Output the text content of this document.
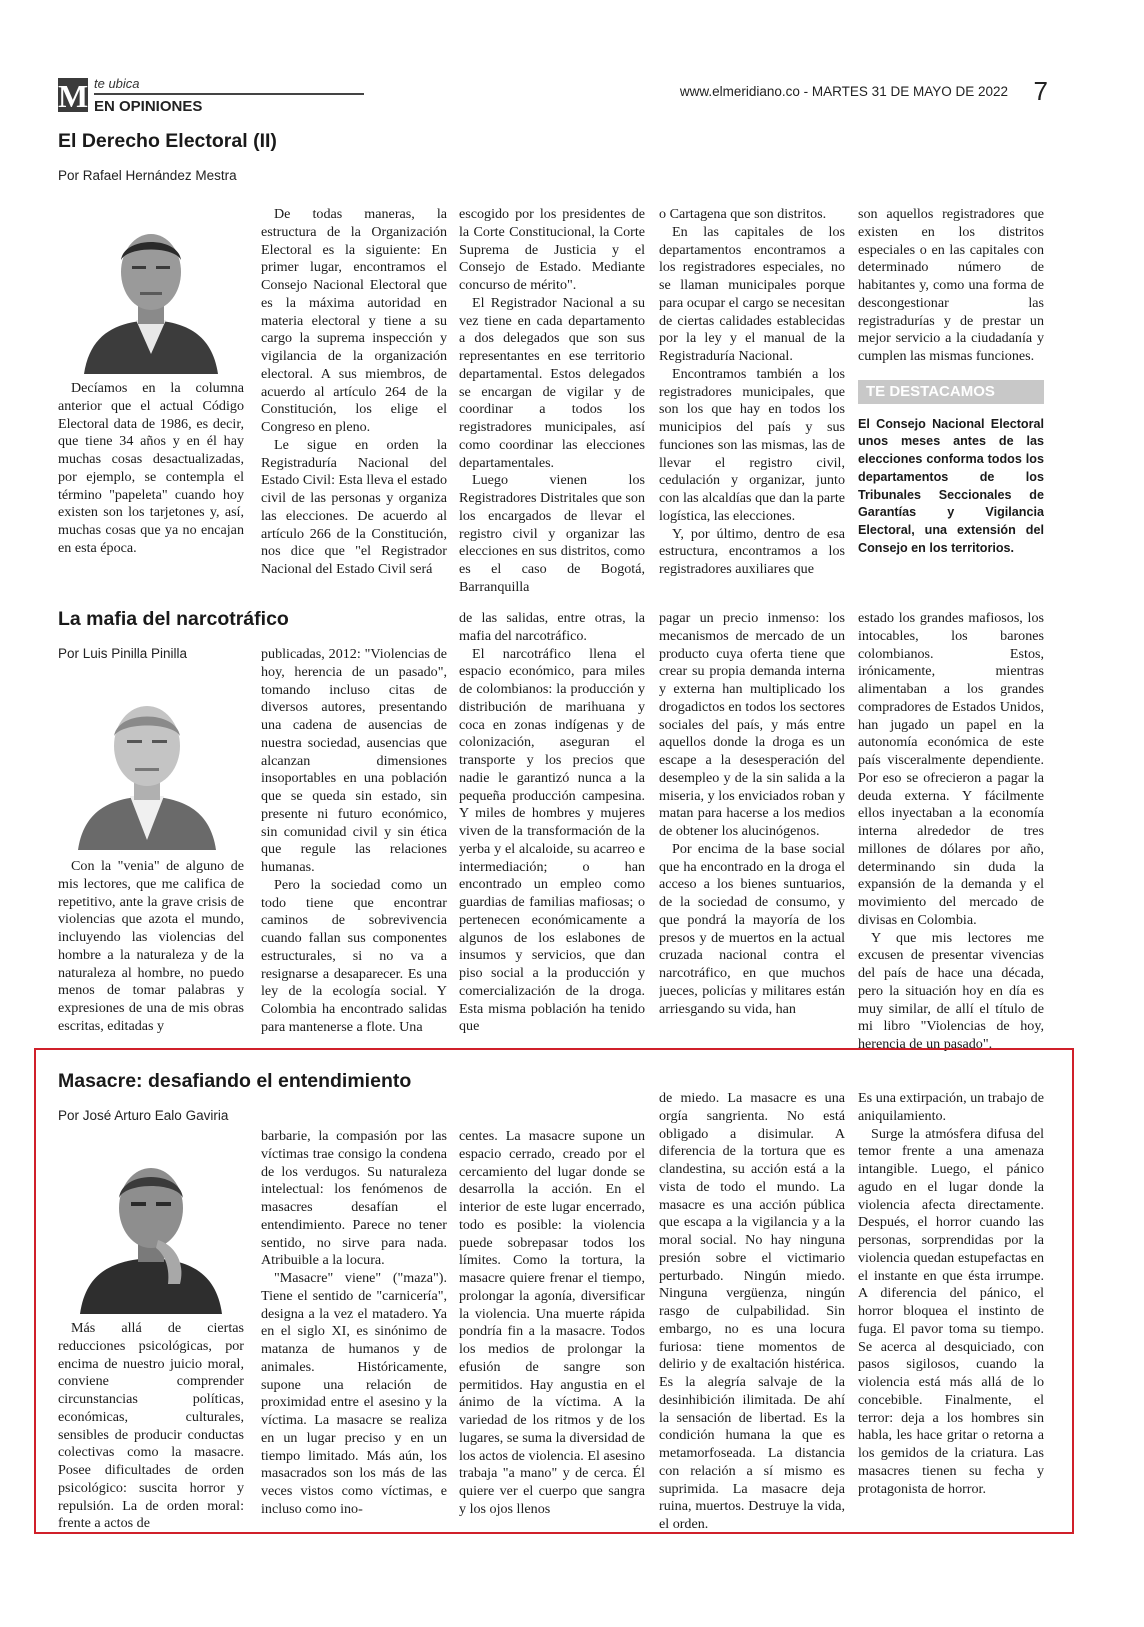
M te ubica
EN OPINIONES
www.elmeridiano.co - MARTES 31 DE MAYO DE 2022 7
El Derecho Electoral (II)
Por Rafael Hernández Mestra

Decíamos en la columna anterior que el actual Código Electoral data de 1986, es decir, que tiene 34 años y en él hay muchas cosas desactualizadas, por ejemplo, se contempla el término "papeleta" cuando hoy existen son los tarjetones y, así, muchas cosas que ya no encajan en esta época.

De todas maneras, la estructura de la Organización Electoral es la siguiente: En primer lugar, encontramos el Consejo Nacional Electoral que es la máxima autoridad en materia electoral y tiene a su cargo la suprema inspección y vigilancia de la organización electoral. A sus miembros, de acuerdo al artículo 264 de la Constitución, los elige el Congreso en pleno.

Le sigue en orden la Registraduría Nacional del Estado Civil: Esta lleva el estado civil de las personas y organiza las elecciones. De acuerdo al artículo 266 de la Constitución, nos dice que "el Registrador Nacional del Estado Civil será

escogido por los presidentes de la Corte Constitucional, la Corte Suprema de Justicia y el Consejo de Estado. Mediante concurso de mérito".

El Registrador Nacional a su vez tiene en cada departamento a dos delegados que son sus representantes en ese territorio departamental. Estos delegados se encargan de vigilar y de coordinar a todos los registradores municipales, así como coordinar las elecciones departamentales.

Luego vienen los Registradores Distritales que son los encargados de llevar el registro civil y organizar las elecciones en sus distritos, como es el caso de Bogotá, Barranquilla

o Cartagena que son distritos.

En las capitales de los departamentos encontramos a los registradores especiales, no se llaman municipales porque para ocupar el cargo se necesitan de ciertas calidades establecidas por la ley y el manual de la Registraduría Nacional.

Encontramos también a los registradores municipales, que son los que hay en todos los municipios del país y sus funciones son las mismas, las de llevar el registro civil, cedulación y organizar, junto con las alcaldías que dan la parte logística, las elecciones.

Y, por último, dentro de esa estructura, encontramos a los registradores auxiliares que

son aquellos registradores que existen en los distritos especiales o en las capitales con determinado número de habitantes y, como una forma de descongestionar las registradurías y de prestar un mejor servicio a la ciudadanía y cumplen las mismas funciones.

TE DESTACAMOS
El Consejo Nacional Electoral unos meses antes de las elecciones conforma todos los departamentos de los Tribunales Seccionales de Garantías y Vigilancia Electoral, una extensión del Consejo en los territorios.
La mafia del narcotráfico
Por Luis Pinilla Pinilla

Con la "venia" de alguno de mis lectores, que me califica de repetitivo, ante la grave crisis de violencias que azota el mundo, incluyendo las violencias del hombre a la naturaleza y de la naturaleza al hombre, no puedo menos de tomar palabras y expresiones de una de mis obras escritas, editadas y

publicadas, 2012: "Violencias de hoy, herencia de un pasado", tomando incluso citas de diversos autores, presentando una cadena de ausencias de nuestra sociedad, ausencias que alcanzan dimensiones insoportables en una población que se queda sin estado, sin presente ni futuro económico, sin comunidad civil y sin ética que regule las relaciones humanas.

Pero la sociedad como un todo tiene que encontrar caminos de sobrevivencia cuando fallan sus componentes estructurales, si no va a resignarse a desaparecer. Es una ley de la ecología social. Y Colombia ha encontrado salidas para mantenerse a flote. Una

de las salidas, entre otras, la mafia del narcotráfico.

El narcotráfico llena el espacio económico, para miles de colombianos: la producción y distribución de marihuana y coca en zonas indígenas y de colonización, aseguran el transporte y los precios que nadie le garantizó nunca a la pequeña producción campesina. Y miles de hombres y mujeres viven de la transformación de la yerba y el alcaloide, su acarreo e intermediación; o han encontrado un empleo como guardias de familias mafiosas; o pertenecen económicamente a algunos de los eslabones de insumos y servicios, que dan piso social a la producción y comercialización de la droga. Esta misma población ha tenido que

pagar un precio inmenso: los mecanismos de mercado de un producto cuya oferta tiene que crear su propia demanda interna y externa han multiplicado los drogadictos en todos los sectores sociales del país, y más entre aquellos donde la droga es un escape a la desesperación del desempleo y de la sin salida a la miseria, y los enviciados roban y matan para hacerse a los medios de obtener los alucinógenos.

Por encima de la base social que ha encontrado en la droga el acceso a los bienes suntuarios, de la sociedad de consumo, y que pondrá la mayoría de los presos y de muertos en la actual cruzada nacional contra el narcotráfico, en que muchos jueces, policías y militares están arriesgando su vida, han

estado los grandes mafiosos, los intocables, los barones colombianos. Estos, irónicamente, mientras alimentaban a los grandes compradores de Estados Unidos, han jugado un papel en la autonomía económica de este país visceralmente dependiente. Por eso se ofrecieron a pagar la deuda externa. Y fácilmente ellos inyectaban a la economía interna alrededor de tres millones de dólares por año, determinando sin duda la expansión de la demanda y el movimiento del mercado de divisas en Colombia.

Y que mis lectores me excusen de presentar vivencias del país de hace una década, pero la situación hoy en día es muy similar, de allí el título de mi libro "Violencias de hoy, herencia de un pasado".

Masacre: desafiando el entendimiento
Por José Arturo Ealo Gaviria

Más allá de ciertas reducciones psicológicas, por encima de nuestro juicio moral, conviene comprender circunstancias políticas, económicas, culturales, sensibles de producir conductas colectivas como la masacre. Posee dificultades de orden psicológico: suscita horror y repulsión. La de orden moral: frente a actos de

barbarie, la compasión por las víctimas trae consigo la condena de los verdugos. Su naturaleza intelectual: los fenómenos de masacres desafían el entendimiento. Parece no tener sentido, no sirve para nada. Atribuible a la locura.

"Masacre" viene" ("maza"). Tiene el sentido de "carnicería", designa a la vez el matadero. Ya en el siglo XI, es sinónimo de matanza de humanos y de animales. Históricamente, supone una relación de proximidad entre el asesino y la víctima. La masacre se realiza en un lugar preciso y en un tiempo limitado. Más aún, los masacrados son los más de las veces vistos como víctimas, e incluso como ino-

centes. La masacre supone un espacio cerrado, creado por el cercamiento del lugar donde se desarrolla la acción. En el interior de este lugar encerrado, todo es posible: la violencia puede sobrepasar todos los límites. Como la tortura, la masacre quiere frenar el tiempo, prolongar la agonía, diversificar la violencia. Una muerte rápida pondría fin a la masacre. Todos los medios de prolongar la efusión de sangre son permitidos. Hay angustia en el ánimo de la víctima. A la variedad de los ritmos y de los lugares, se suma la diversidad de los actos de violencia. El asesino trabaja "a mano" y de cerca. Él quiere ver el cuerpo que sangra y los ojos llenos

de miedo. La masacre es una orgía sangrienta. No está obligado a disimular. A diferencia de la tortura que es clandestina, su acción está a la vista de todo el mundo. La masacre es una acción pública que escapa a la vigilancia y a la moral social. No hay ninguna presión sobre el victimario perturbado. Ningún miedo. Ninguna vergüenza, ningún rasgo de culpabilidad. Sin embargo, no es una locura furiosa: tiene momentos de delirio y de exaltación histérica. Es la alegría salvaje de la desinhibición ilimitada. De ahí la sensación de libertad. Es la condición humana la que es metamorfoseada. La distancia con relación a sí mismo es suprimida. La masacre deja ruina, muertos. Destruye la vida, el orden.

Es una extirpación, un trabajo de aniquilamiento.

Surge la atmósfera difusa del temor frente a una amenaza intangible. Luego, el pánico agudo en el lugar donde la violencia afecta directamente. Después, el horror cuando las personas, sorprendidas por la violencia quedan estupefactas en el instante en que ésta irrumpe. A diferencia del pánico, el horror bloquea el instinto de fuga. El pavor toma su tiempo. Se acerca al desquiciado, con pasos sigilosos, cuando la violencia está más allá de lo concebible. Finalmente, el terror: deja a los hombres sin habla, les hace gritar o retorna a los gemidos de la criatura. Las masacres tienen su fecha y protagonista de horror.
